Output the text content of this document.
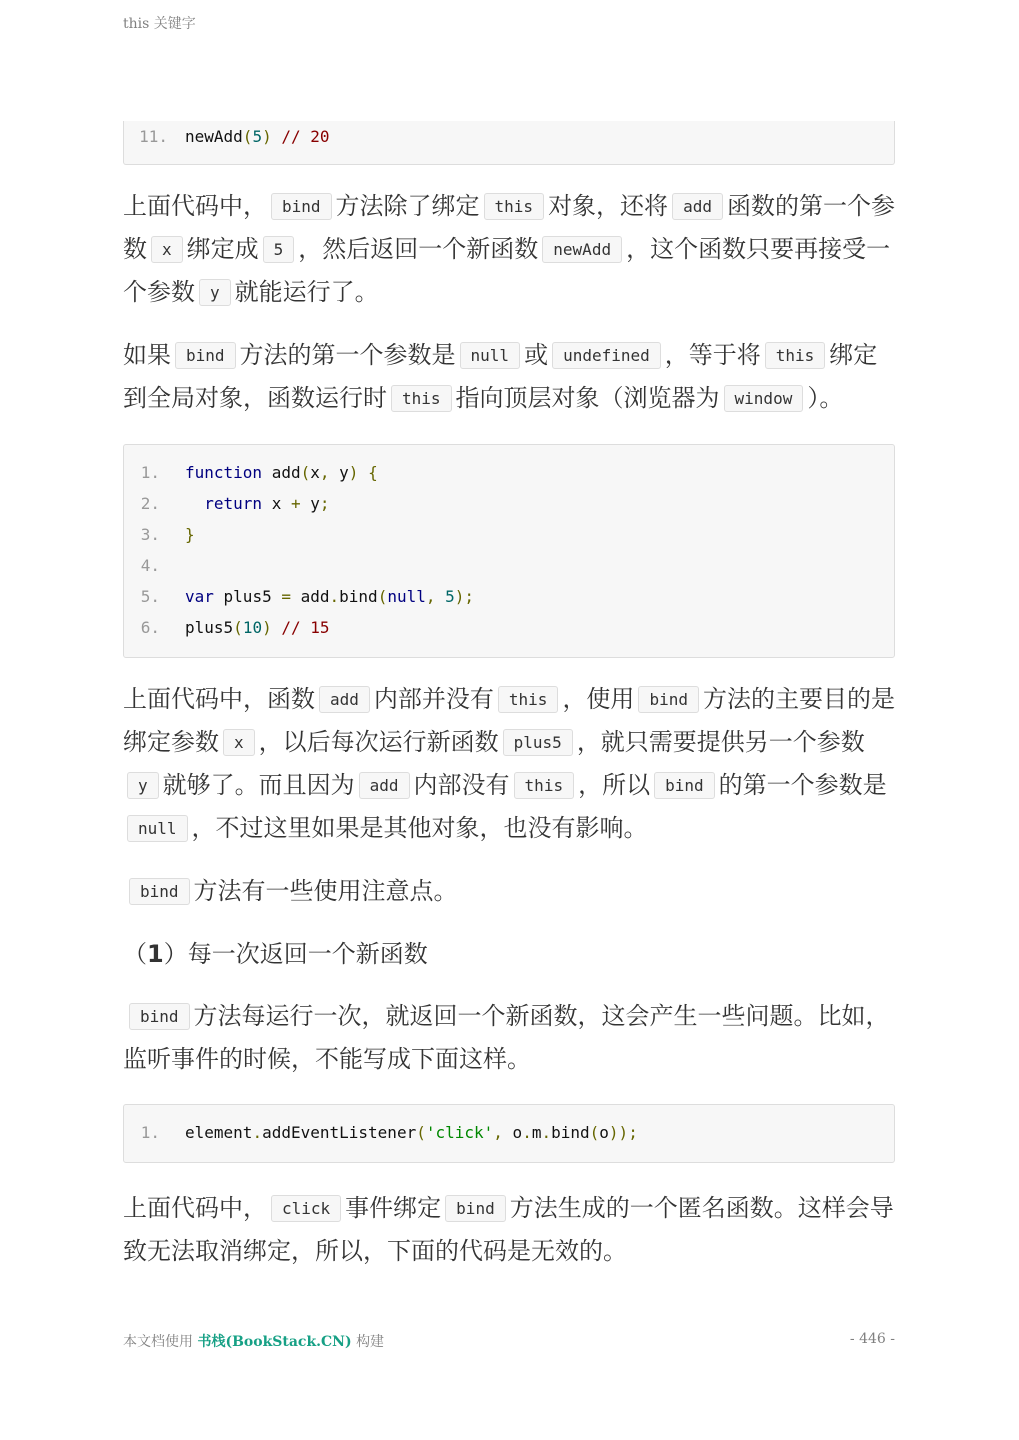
this 关键字
11. newAdd(5) // 20

上面代码中， bind 方法除了绑定 this 对象，还将 add 函数的第一个参数 x 绑定成 5 ，然后返回一个新函数 newAdd ，这个函数只要再接受一个参数 y 就能运行了。

如果 bind 方法的第一个参数是 null 或 undefined ，等于将 this 绑定到全局对象，函数运行时 this 指向顶层对象（浏览器为 window ）。

1. function add(x, y) {
2.	return x + y;
3. }
4.
5. var plus5 = add.bind(null, 5);
6. plus5(10) // 15

上面代码中，函数 add 内部并没有 this ，使用 bind 方法的主要目的是绑定参数 x ，以后每次运行新函数 plus5 ，就只需要提供另一个参数y 就够了。而且因为 add 内部没有 this ，所以 bind 的第一个参数是null ，不过这里如果是其他对象，也没有影响。

bind 方法有一些使用注意点。

（1）每一次返回一个新函数

bind 方法每运行一次，就返回一个新函数，这会产生一些问题。比如，监听事件的时候，不能写成下面这样。

1. element.addEventListener('click', o.m.bind(o));

上面代码中， click 事件绑定 bind 方法生成的一个匿名函数。这样会导致无法取消绑定，所以，下面的代码是无效的。

本文档使用 书栈(BookStack.CN) 构建	- 446 -
